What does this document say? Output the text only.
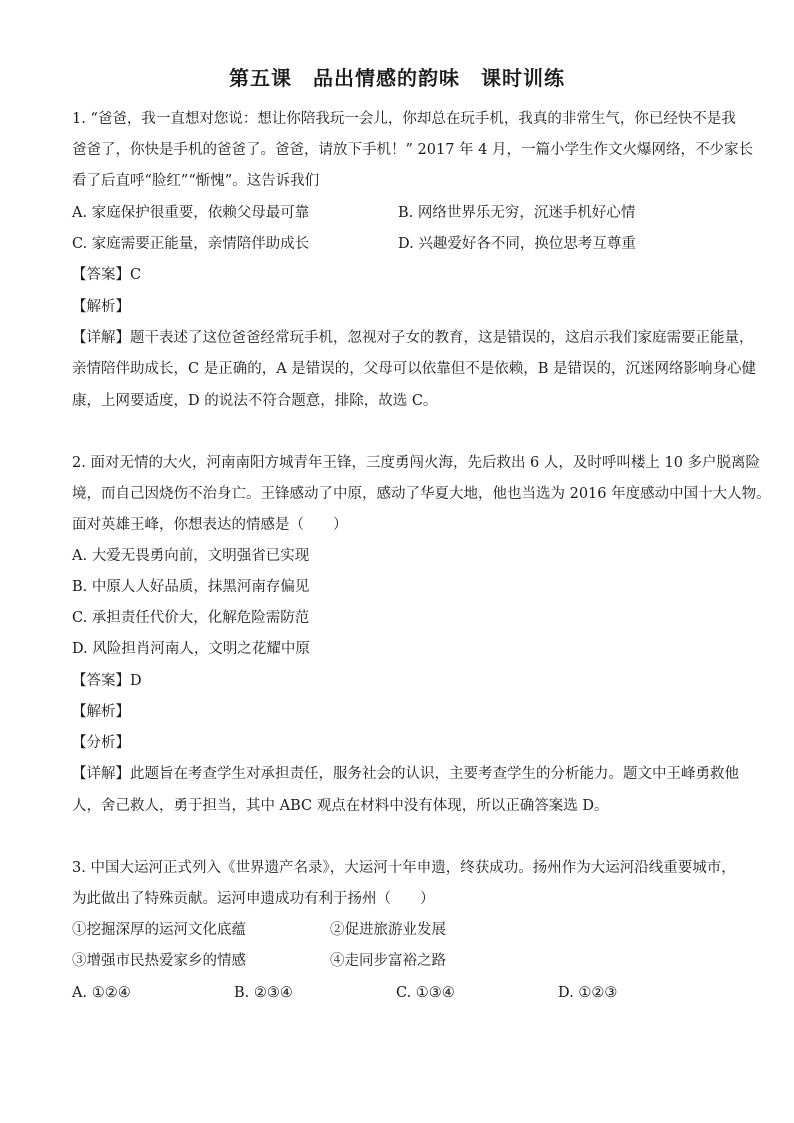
第五课　品出情感的韵味　课时训练
1. “爸爸，我一直想对您说：想让你陪我玩一会儿，你却总在玩手机，我真的非常生气，你已经快不是我
爸爸了，你快是手机的爸爸了。爸爸，请放下手机！” 2017 年 4 月，一篇小学生作文火爆网络，不少家长
看了后直呼“脸红”“惭愧”。这告诉我们
A. 家庭保护很重要，依赖父母最可靠	B. 网络世界乐无穷，沉迷手机好心情
C. 家庭需要正能量，亲情陪伴助成长	D. 兴趣爱好各不同，换位思考互尊重
【答案】C
【解析】
【详解】题干表述了这位爸爸经常玩手机，忽视对子女的教育，这是错误的，这启示我们家庭需要正能量，
亲情陪伴助成长，C 是正确的，A 是错误的，父母可以依靠但不是依赖，B 是错误的，沉迷网络影响身心健
康，上网要适度，D 的说法不符合题意，排除，故选 C。
2. 面对无情的大火，河南南阳方城青年王锋，三度勇闯火海，先后救出 6 人，及时呼叫楼上 10 多户脱离险
境，而自己因烧伤不治身亡。王锋感动了中原，感动了华夏大地，他也当选为 2016 年度感动中国十大人物。
面对英雄王峰，你想表达的情感是（　　）
A. 大爱无畏勇向前，文明强省已实现
B. 中原人人好品质，抹黑河南存偏见
C. 承担责任代价大，化解危险需防范
D. 风险担肖河南人，文明之花耀中原
【答案】D
【解析】
【分析】
【详解】此题旨在考查学生对承担责任，服务社会的认识，主要考查学生的分析能力。题文中王峰勇救他
人，舍己救人，勇于担当，其中 ABC 观点在材料中没有体现，所以正确答案选 D。
3. 中国大运河正式列入《世界遗产名录》，大运河十年申遗，终获成功。扬州作为大运河沿线重要城市，
为此做出了特殊贡献。运河申遗成功有利于扬州（　　）
①挖掘深厚的运河文化底蕴	②促进旅游业发展
③增强市民热爱家乡的情感	④走同步富裕之路
A. ①②④	B. ②③④	C. ①③④	D. ①②③
